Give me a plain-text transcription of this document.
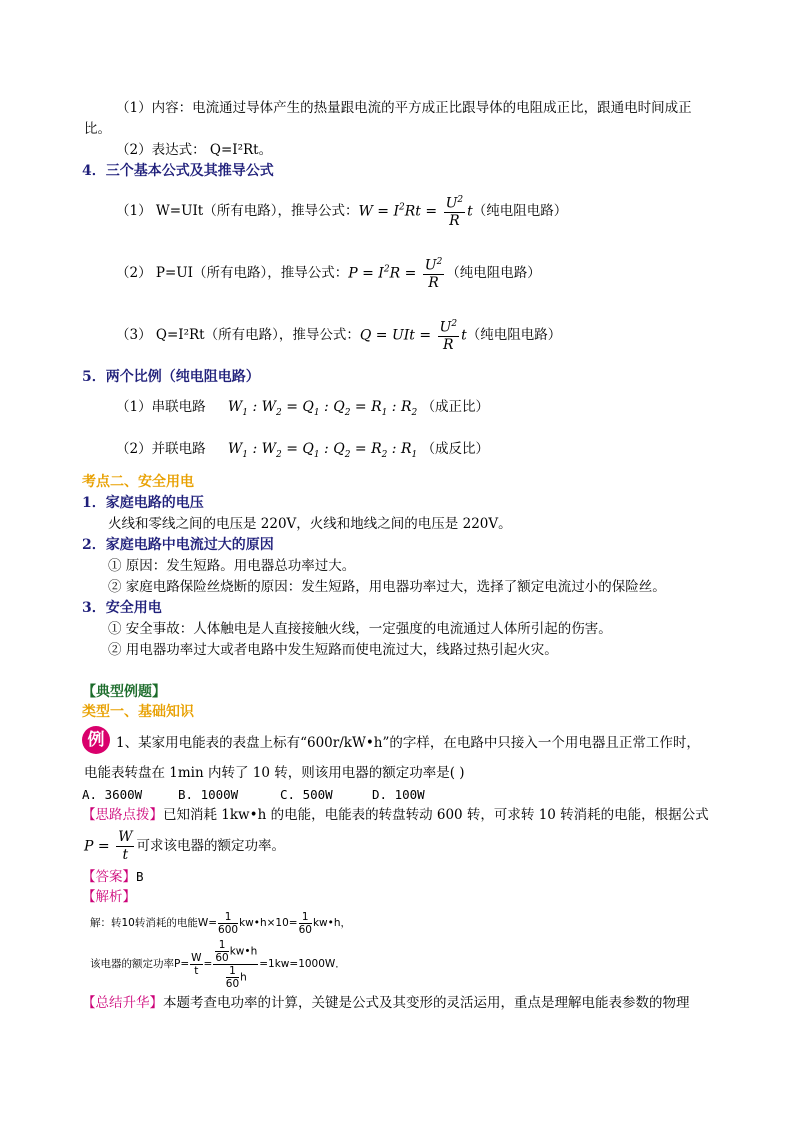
（1）内容：电流通过导体产生的热量跟电流的平方成正比跟导体的电阻成正比，跟通电时间成正
比。
（2）表达式： Q=I²Rt。
4．三个基本公式及其推导公式
（1） W=UIt（所有电路），推导公式： $W = I^2Rt = \frac{U^2}{R}$ t （纯电阻电路）
（2） P=UI（所有电路），推导公式： $P = I^2R = \frac{U^2}{R}$ （纯电阻电路）
（3） Q=I²Rt（所有电路），推导公式： Q = UIt = $\frac{U^2}{R}$ t （纯电阻电路）
5．两个比例（纯电阻电路）
（1）串联电路 $W_1$ : $W_2 = Q_1$ : $Q_2 = R_1$ : $R_2$ （成正比）
（2）并联电路 $W_1$ : $W_2 = Q_1$ : $Q_2 = R_2$ : $R_1$ （成反比）
考点二、安全用电
1．家庭电路的电压
火线和零线之间的电压是 220V，火线和地线之间的电压是 220V。
2．家庭电路中电流过大的原因
① 原因：发生短路。用电器总功率过大。
② 家庭电路保险丝烧断的原因：发生短路，用电器功率过大，选择了额定电流过小的保险丝。
3．安全用电
① 安全事故：人体触电是人直接接触火线，一定强度的电流通过人体所引起的伤害。
② 用电器功率过大或者电路中发生短路而使电流过大，线路过热引起火灾。
【典型例题】
类型一、基础知识
例 1、某家用电能表的表盘上标有“600r/kW•h”的字样，在电路中只接入一个用电器且正常工作时，
电能表转盘在 1min 内转了 10 转，则该用电器的额定功率是( )
A. 3600W	B. 1000W	C. 500W	D. 100W
【思路点拨】已知消耗 1kw•h 的电能，电能表的转盘转动 600 转，可求转 10 转消耗的电能，根据公式
$P = \frac{W}{t}$ 可求该电器的额定功率。
【答案】B
【解析】
解：转10转消耗的电能$W= \frac{1}{600}$ kw•h×10= $\frac{1}{60}$ kw•h，
该电器的额定功率$P= \frac{W}{t} = \frac{\frac{1}{60} kw•h}{\frac{1}{60} h} =1kw=1000W$．
【总结升华】本题考查电功率的计算，关键是公式及其变形的灵活运用，重点是理解电能表参数的物理
